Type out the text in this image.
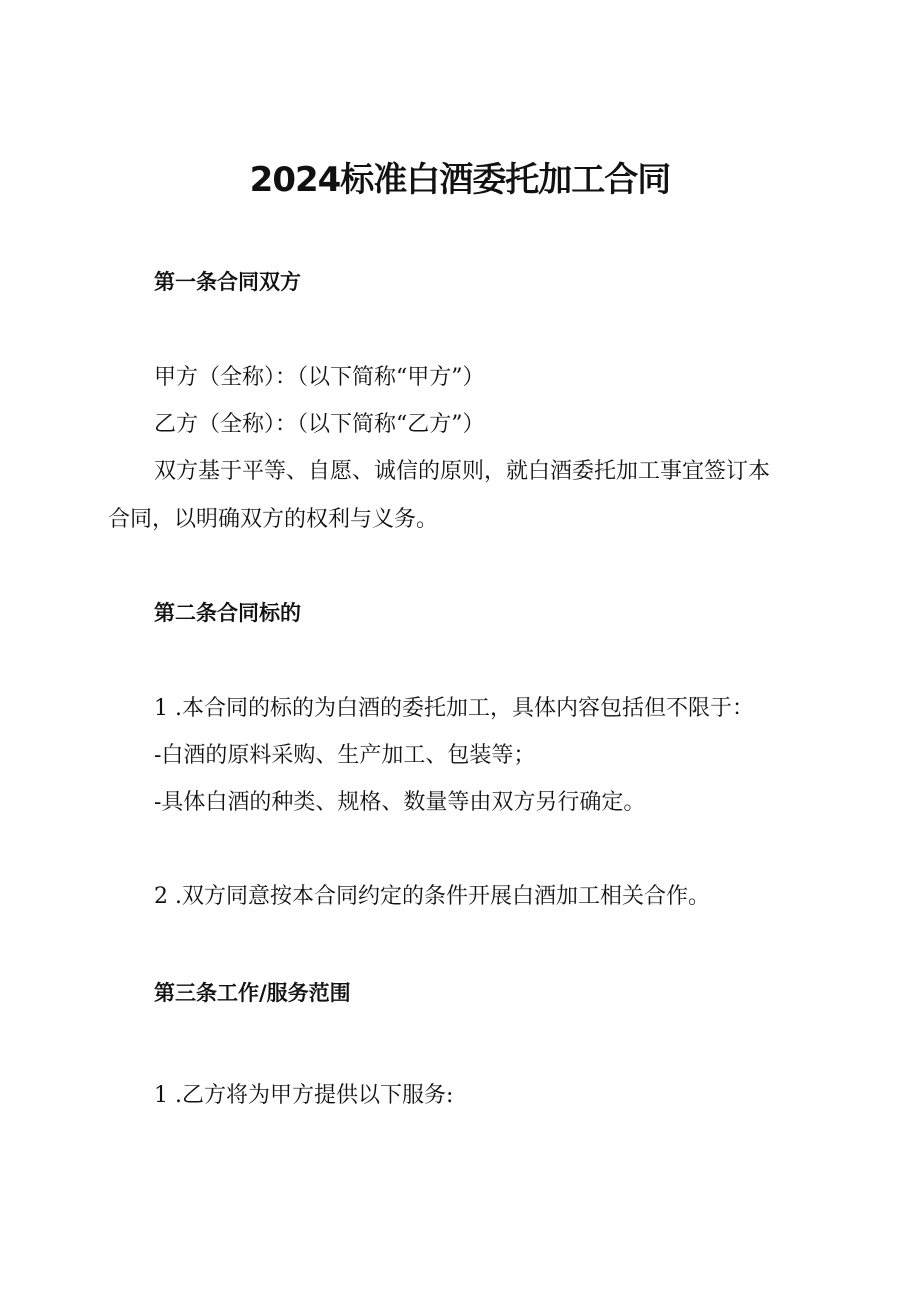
2024标准白酒委托加工合同
第一条合同双方
甲方（全称）：（以下简称“甲方”）
乙方（全称）：（以下简称“乙方”）
双方基于平等、自愿、诚信的原则，就白酒委托加工事宜签订本
合同，以明确双方的权利与义务。
第二条合同标的
1 .本合同的标的为白酒的委托加工，具体内容包括但不限于：
-白酒的原料采购、生产加工、包装等；
-具体白酒的种类、规格、数量等由双方另行确定。
2 .双方同意按本合同约定的条件开展白酒加工相关合作。
第三条工作/服务范围
1 .乙方将为甲方提供以下服务:
